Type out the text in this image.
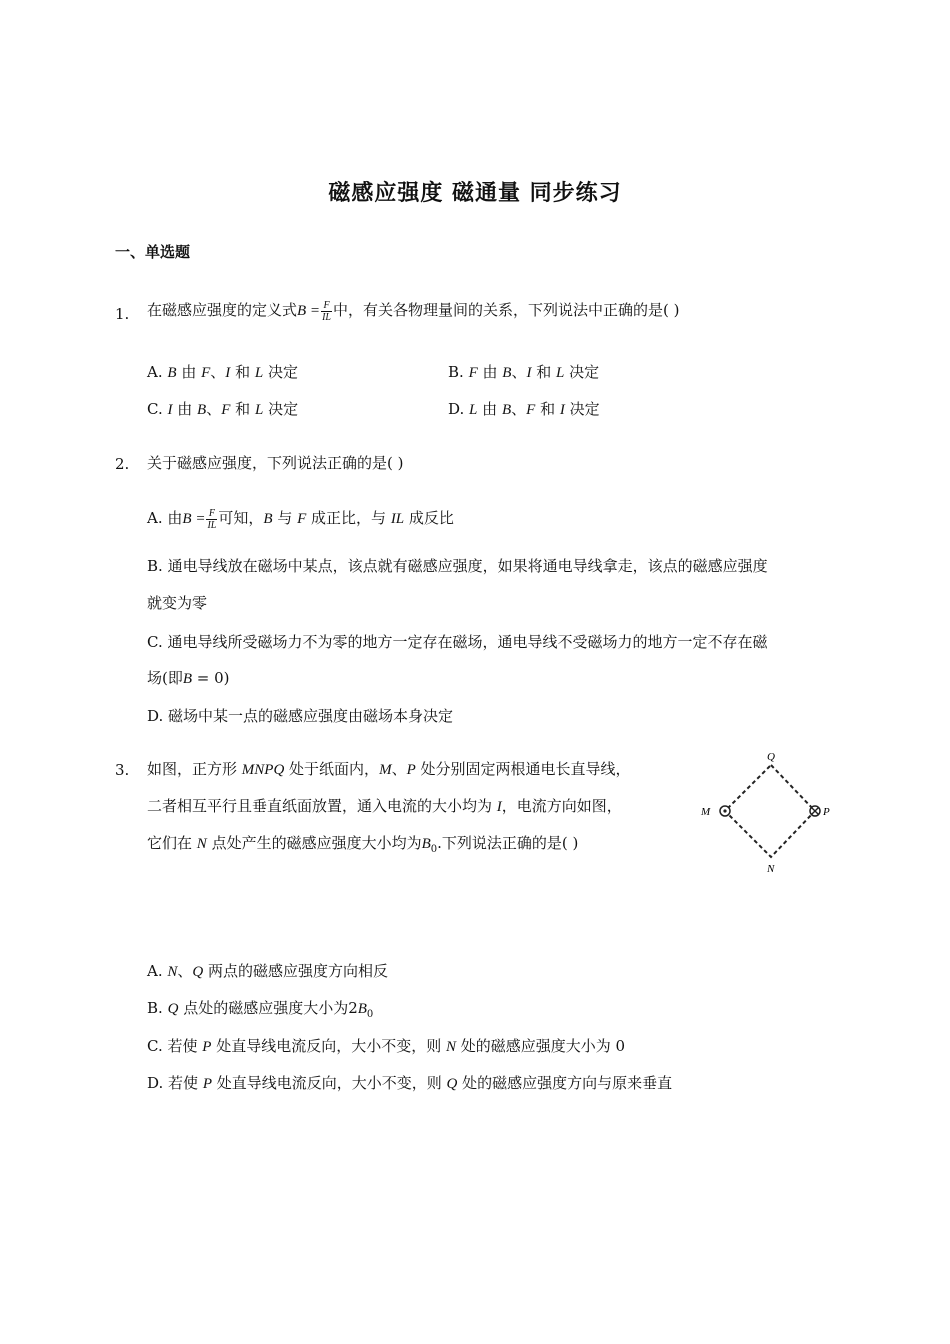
磁感应强度 磁通量 同步练习
一、单选题
1. 在磁感应强度的定义式$B = \frac{F}{IL}$ 中，有关各物理量间的关系，下列说法中正确的是( )
A. B 由 F、I 和 L 决定	B. F 由 B、I 和 L 决定
C. I 由 B、F 和 L 决定	D. L 由 B、F 和 I 决定
2. 关于磁感应强度，下列说法正确的是( )
A. 由$B = \frac{F}{IL}$ 可知，B 与 F 成正比，与 IL 成反比
B. 通电导线放在磁场中某点，该点就有磁感应强度，如果将通电导线拿走，该点的磁感应强度
就变为零
C. 通电导线所受磁场力不为零的地方一定存在磁场，通电导线不受磁场力的地方一定不存在磁
场(即B = 0)
D. 磁场中某一点的磁感应强度由磁场本身决定
3. 如图，正方形 MNPQ 处于纸面内，M、P 处分别固定两根通电长直导线，
二者相互平行且垂直纸面放置，通入电流的大小均为 I，电流方向如图，
它们在 N 点处产生的磁感应强度大小均为$B_0$.下列说法正确的是( )
Q
M	P
N
A. N、Q 两点的磁感应强度方向相反
B. Q 点处的磁感应强度大小为$2B_0$
C. 若使 P 处直导线电流反向，大小不变，则 N 处的磁感应强度大小为 0
D. 若使 P 处直导线电流反向，大小不变，则 Q 处的磁感应强度方向与原来垂直
